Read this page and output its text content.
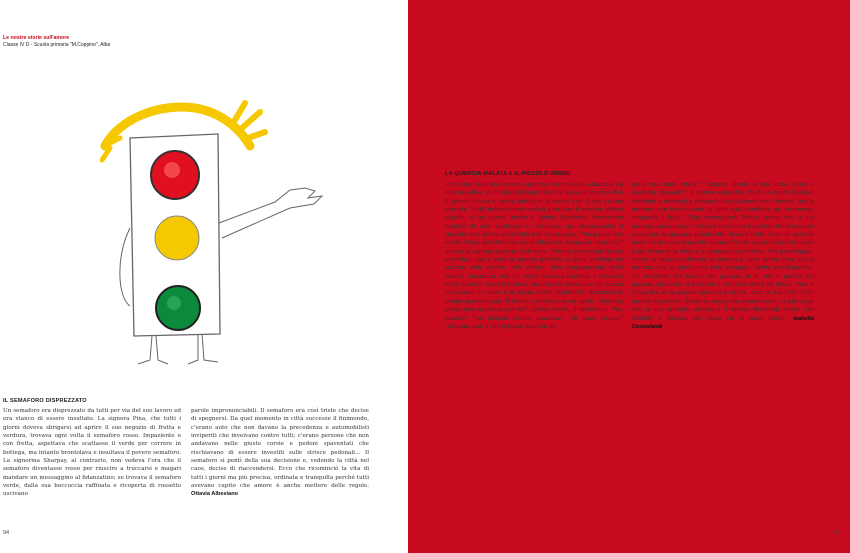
Le nostre storie sull'amore
Classe IV D - Scuola primaria "M.Coppino", Alba
IL SEMAFORO DISPREZZATO

Un semaforo era disprezzato da tutti per via del suo lavoro ed era stanco di essere insultato. La signora Pina, che tutti i giorni doveva sbrigarsi ad aprire il suo negozio di frutta e verdura, trovava ogni volta il semaforo rosso. Impaziente e con fretta, aspettava che scattasse il verde per correre in bottega, ma intanto brontolava e insultava il povero semaforo. La signorina Sharpay, al contrario, non vedeva l'ora che il semaforo diventasse rosso per riuscire a truccarsi e magari mandare un messaggino al fidanzatino; se trovava il semaforo verde, dalla sua boccuccia raffinata e ricoperta di rossetto uscivano

parole impronunciabili. Il semaforo era così triste che decise di spegnersi. Da quel momento in città successe il finimondo, c'erano auto che non davano la precedenza e automobilisti inviperiti che inveivano contro tutti; c'erano persone che non andavano nelle giuste corsie e pedoni spaventati che rischiavano di essere investiti sulle strisce pedonali... Il semaforo si pentì della sua decisione e, vedendo la città nel caos, decise di riaccendersi. Ecco che ricominciò la vita di tutti i giorni ma più precisa, ordinata e tranquilla perché tutti avevano capito che amore è anche mettere delle regole. Ottavia Albesiano

LA QUERCIA MALATA E IL PICCOLO VERDE

C'era una volta una vecchia quercia che era stata attaccata da una malattia: un fungo malvagio che era passato proprio di lì il giorno prima e aveva infettato le radici con il suo veleno mortale. Molti dottori erano andati a visitare il vecchio albero malato, e tra questi anche il dottor Lombrico, bravissimo medico di alta medicina e chirurgia, ma stranamente il rimedio che aveva prescritto non funzionava. "Ho paura che anche il mio piccolino sia stato attaccato da questa malattia!" diceva la signora quercia al dottore. "Non si preoccupi! Al suo piccolino, che è nato in questo periodo, è stato iniettato un vaccino anti zecche, anti veleno, anti congelamento delle radici... Insomma, non gli verrà nessuna malattia e crescerà forte e sano!" disse il medico "ma è molto delicato e gli stanno crescendo le radici e le prime verdi foglioline!" mormorò la madre preoccupata. Il dottor Lombrico se ne andò: "Mamma posso fare qualcosa per te?" chiese Verde, il figlioletto. "No, amore!" "Sei proprio sicura, mamma?" "Sì, sono sicura!" "Mamma non è che ti posso dare un po'

della mia linfa vitale?" "Amore, tienili la tua linfa vitale e lasciami riposare!". Il giorno seguente, Verde si munì d'acqua, vitamine e minerali e preparò una colazione con i fiocchi, ma la mamma non toccò niente di tutto quel bendidio, ma commossa ringraziò il figlio. "Non scoraggiarti Verde: vedrai che la tua mamma starà meglio" dissero in coro le foglioline del bosco per consolare la giovane pianticella. Invece nella notte la quercia morì. La mattina seguente, quando Verde seppe la notizia iniziò a far tremare la terra e a piangere a catinelle. Nel pomeriggio, venne la ruspa a sollevare la quercia e, dove prima c'era la sua mamma ora si apriva una buia voragine. Verde era disperato. Un uccellino del bosco che passava di lì, udì il pianto del giovane alberello, si avvicinò e con voce dolce gli disse: "Non è colpa tua se la grande quercia è morta, anzi tu hai fatto tutto quello che potevi. Anche se ora la tua mamma non c'è più sappi che la tua famiglia adesso è il bosco! Ricordati anche che AMARE è portare nel cuore chi si vuole bene!". Isabella Consolandi

94	95
